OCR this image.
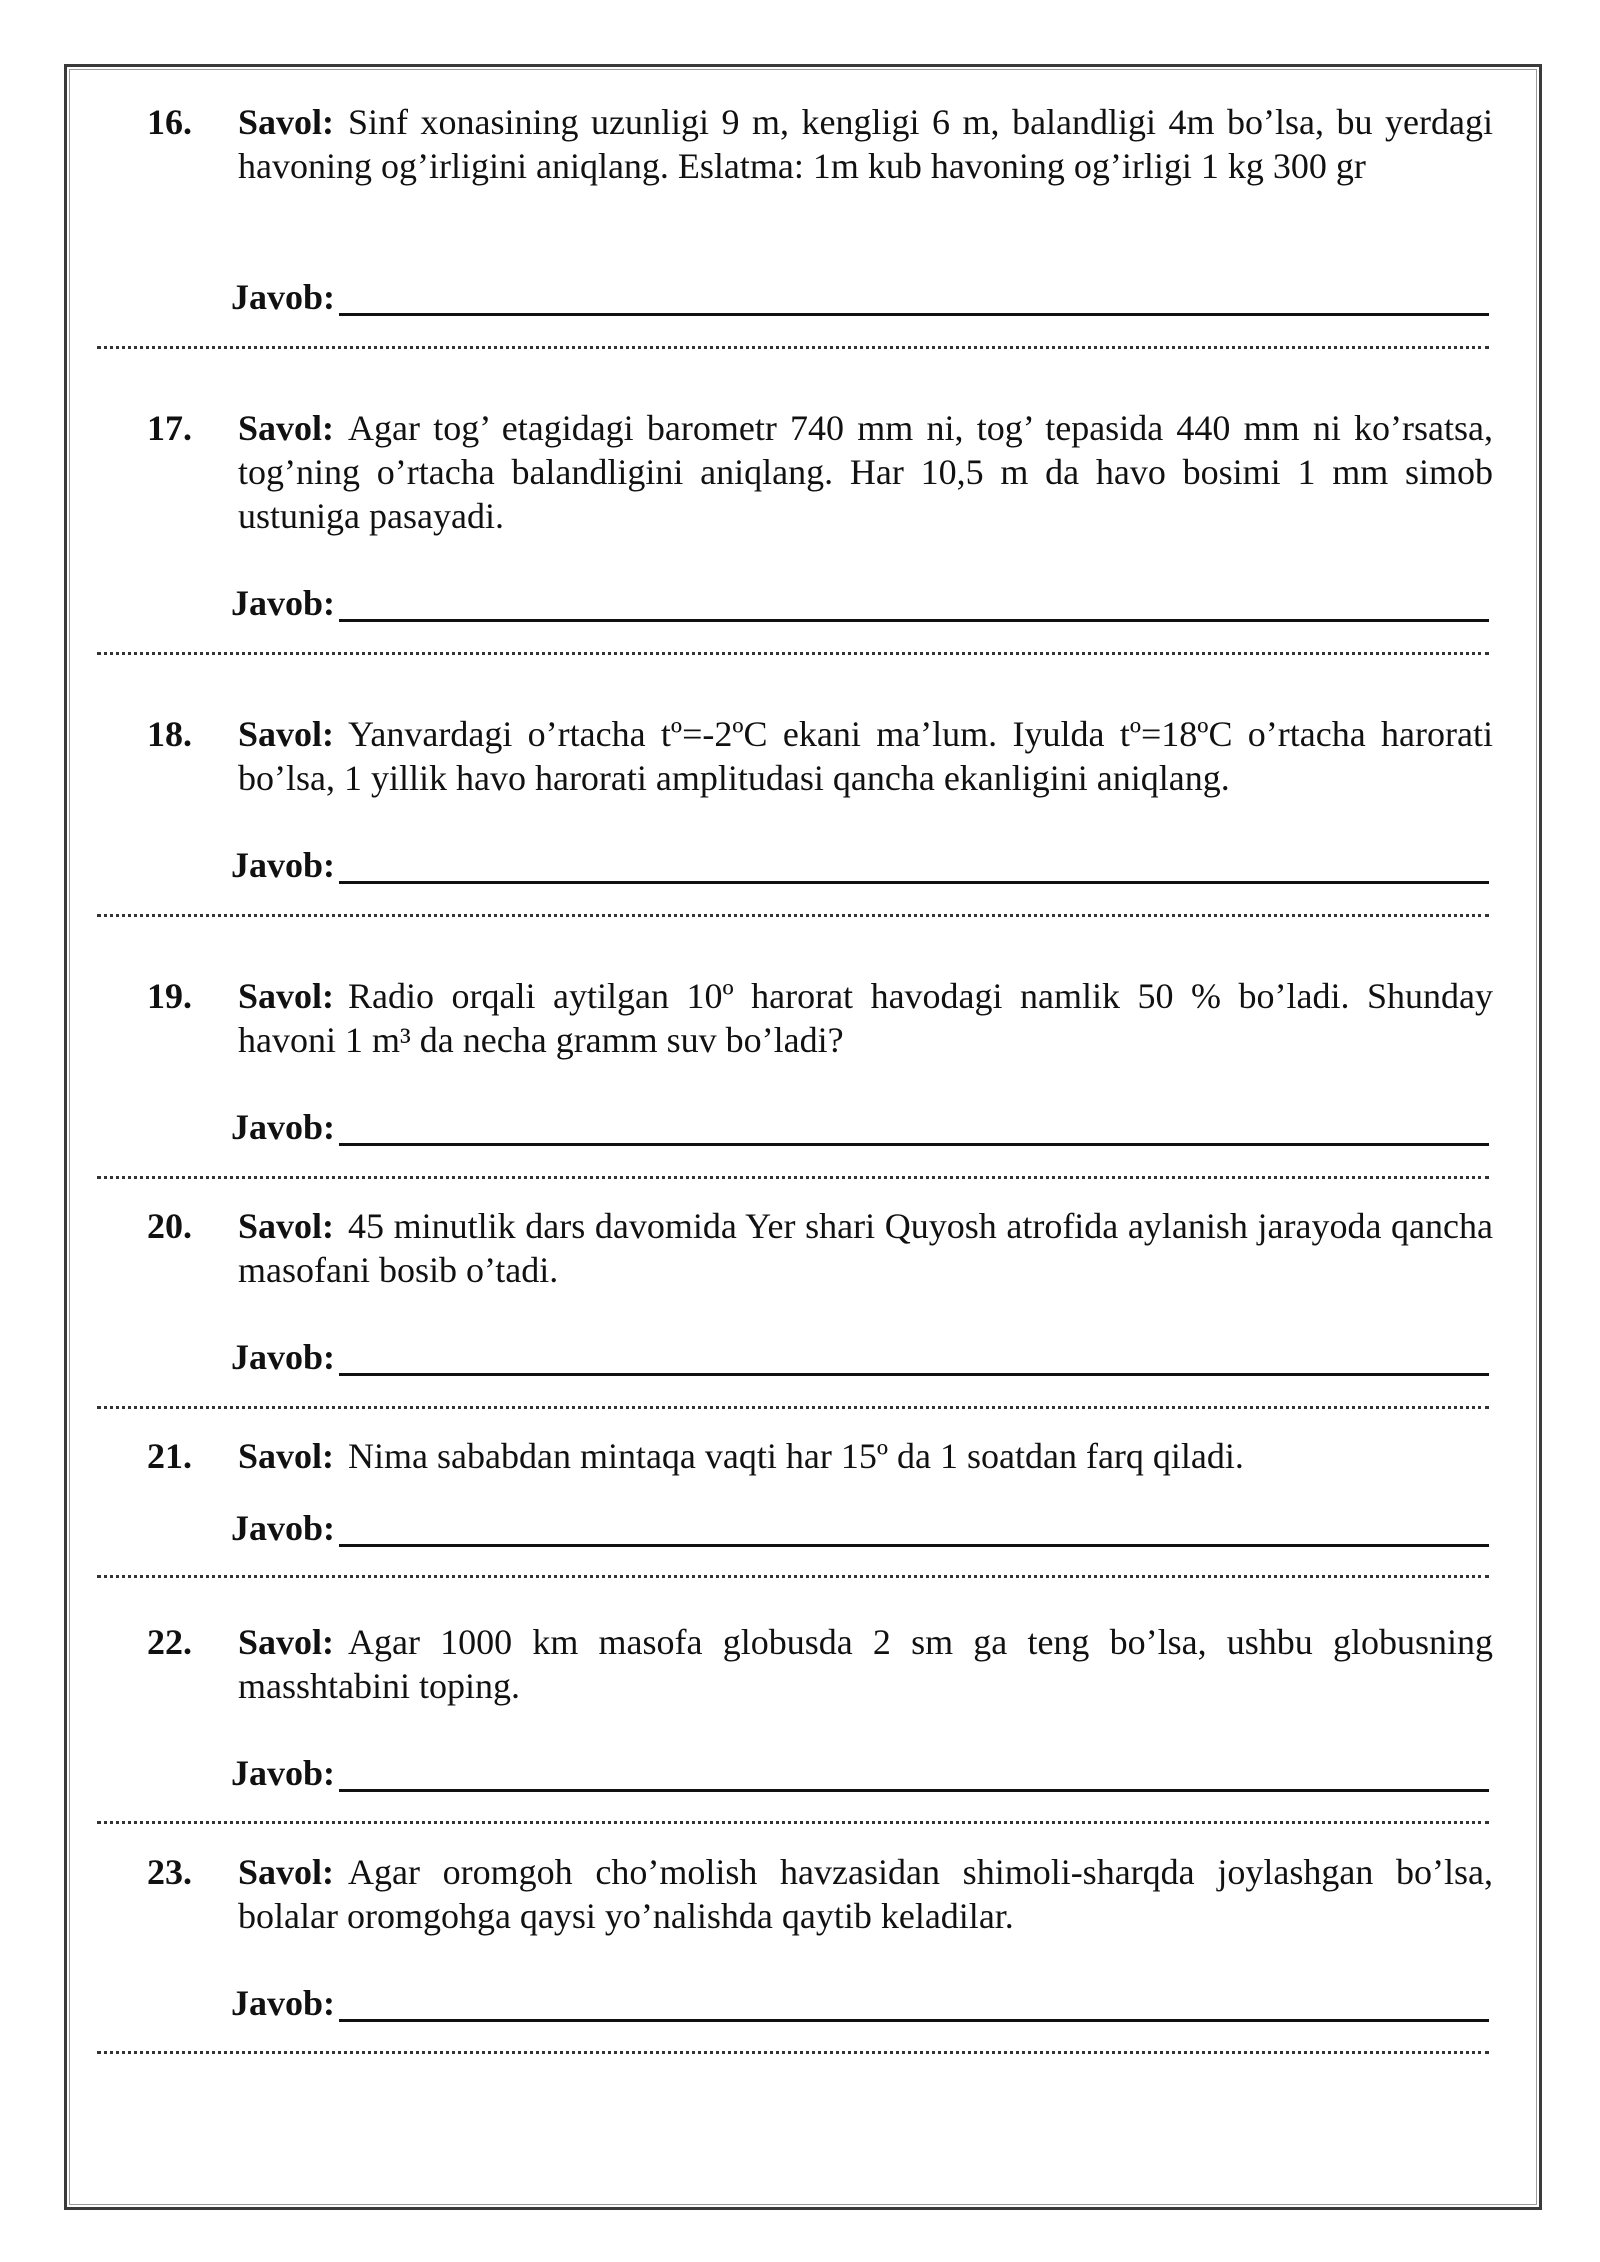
16. Savol: Sinf xonasining uzunligi 9 m, kengligi 6 m, balandligi 4m bo’lsa, bu yerdagi havoning og’irligini aniqlang. Eslatma: 1m kub havoning og’irligi 1 kg 300 gr
Javob:
17. Savol: Agar tog’ etagidagi barometr 740 mm ni, tog’ tepasida 440 mm ni ko’rsatsa, tog’ning o’rtacha balandligini aniqlang. Har 10,5 m da havo bosimi 1 mm simob ustuniga pasayadi.
Javob:
18. Savol: Yanvardagi o’rtacha tº=-2ºC ekani ma’lum. Iyulda tº=18ºC o’rtacha harorati bo’lsa, 1 yillik havo harorati amplitudasi qancha ekanligini aniqlang.
Javob:
19. Savol: Radio orqali aytilgan 10º harorat havodagi namlik 50 % bo’ladi. Shunday havoni 1 m³ da necha gramm suv bo’ladi?
Javob:
20. Savol: 45 minutlik dars davomida Yer shari Quyosh atrofida aylanish jarayoda qancha masofani bosib o’tadi.
Javob:
21. Savol: Nima sababdan mintaqa vaqti har 15º da 1 soatdan farq qiladi.
Javob:
22. Savol: Agar 1000 km masofa globusda 2 sm ga teng bo’lsa, ushbu globusning masshtabini toping.
Javob:
23. Savol: Agar oromgoh cho’molish havzasidan shimoli-sharqda joylashgan bo’lsa, bolalar oromgohga qaysi yo’nalishda qaytib keladilar.
Javob:
